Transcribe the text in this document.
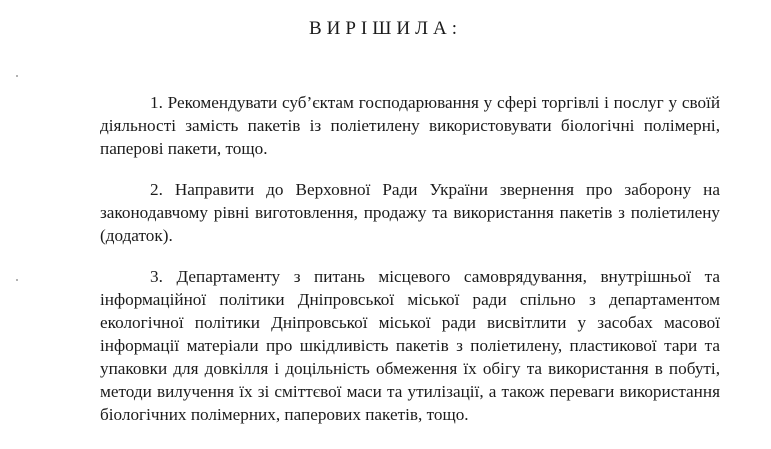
ВИРІШИЛА:

1. Рекомендувати суб’єктам господарювання у сфері торгівлі і послуг у своїй діяльності замість пакетів із поліетилену використовувати біологічні полімерні, паперові пакети, тощо.

2. Направити до Верховної Ради України звернення про заборону на законодавчому рівні виготовлення, продажу та використання пакетів з поліетилену (додаток).

3. Департаменту з питань місцевого самоврядування, внутрішньої та інформаційної політики Дніпровської міської ради спільно з департаментом екологічної політики Дніпровської міської ради висвітлити у засобах масової інформації матеріали про шкідливість пакетів з поліетилену, пластикової тари та упаковки для довкілля і доцільність обмеження їх обігу та використання в побуті, методи вилучення їх зі сміттєвої маси та утилізації, а також переваги використання біологічних полімерних, паперових пакетів, тощо.
